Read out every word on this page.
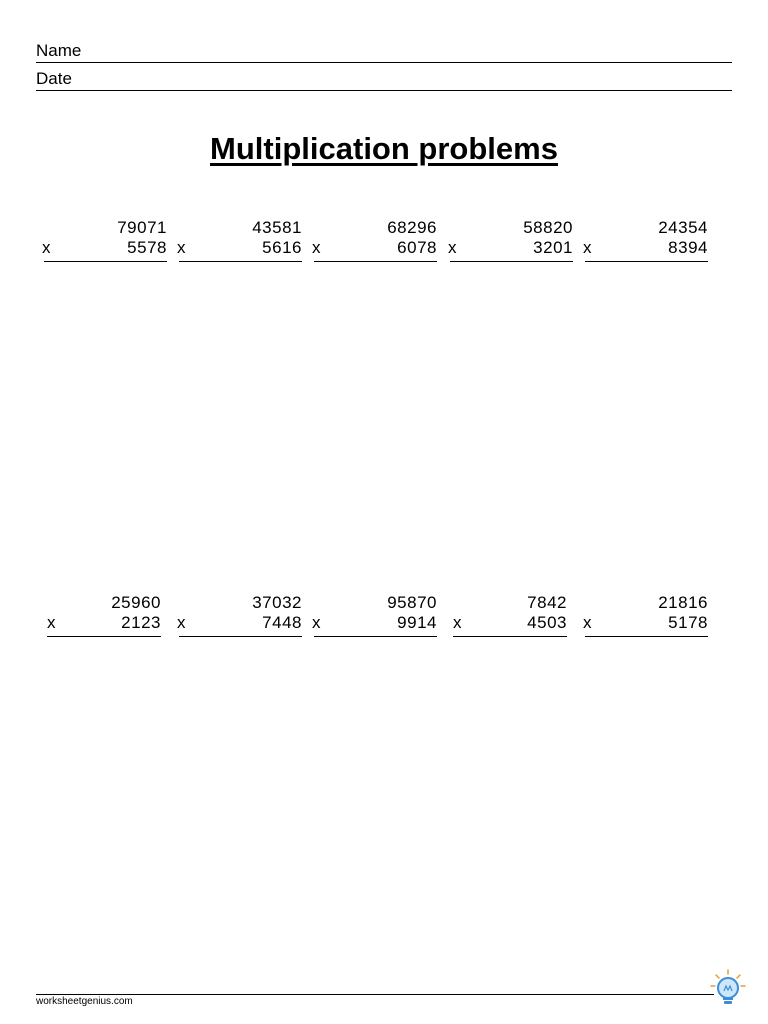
Name
Date
Multiplication problems
79071
x	5578
43581
x	5616
68296
x	6078
58820
x	3201
24354
x	8394
25960
x	2123
37032
x	7448
95870
x	9914
7842
x	4503
21816
x	5178
worksheetgenius.com
